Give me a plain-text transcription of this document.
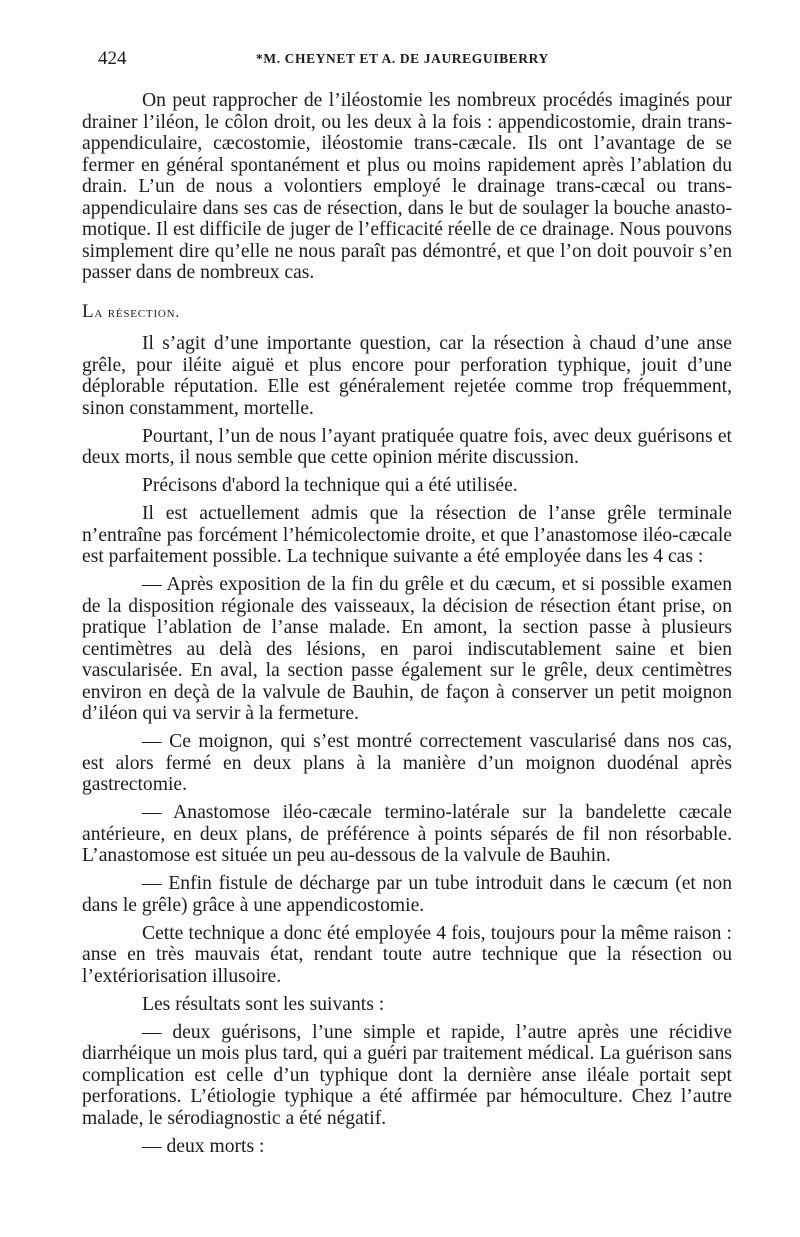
424	*M. CHEYNET ET A. DE JAUREGUIBERRY

On peut rapprocher de l’iléostomie les nombreux procédés imaginés pour drainer l’iléon, le côlon droit, ou les deux à la fois : appendicostomie, drain trans-appendiculaire, cæcostomie, iléostomie trans-cæcale. Ils ont l’avantage de se fermer en général spontanément et plus ou moins rapidement après l’ablation du drain. L’un de nous a volontiers employé le drainage trans-cæcal ou trans-appendiculaire dans ses cas de résection, dans le but de soulager la bouche anastomotique. Il est difficile de juger de l’efficacité réelle de ce drainage. Nous pouvons simplement dire qu’elle ne nous paraît pas démontré, et que l’on doit pouvoir s’en passer dans de nombreux cas.

La résection.

Il s’agit d’une importante question, car la résection à chaud d’une anse grêle, pour iléite aiguë et plus encore pour perforation typhique, jouit d’une déplorable réputation. Elle est généralement rejetée comme trop fréquemment, sinon constamment, mortelle.

Pourtant, l’un de nous l’ayant pratiquée quatre fois, avec deux guérisons et deux morts, il nous semble que cette opinion mérite discussion.

Précisons d'abord la technique qui a été utilisée.

Il est actuellement admis que la résection de l’anse grêle terminale n’entraîne pas forcément l’hémicolectomie droite, et que l’anastomose iléo-cæcale est parfaitement possible. La technique suivante a été employée dans les 4 cas :

— Après exposition de la fin du grêle et du cæcum, et si possible examen de la disposition régionale des vaisseaux, la décision de résection étant prise, on pratique l’ablation de l’anse malade. En amont, la section passe à plusieurs centimètres au delà des lésions, en paroi indiscutablement saine et bien vascularisée. En aval, la section passe également sur le grêle, deux centimètres environ en deçà de la valvule de Bauhin, de façon à conserver un petit moignon d’iléon qui va servir à la fermeture.

— Ce moignon, qui s’est montré correctement vascularisé dans nos cas, est alors fermé en deux plans à la manière d’un moignon duodénal après gastrectomie.

— Anastomose iléo-cæcale termino-latérale sur la bandelette cæcale antérieure, en deux plans, de préférence à points séparés de fil non résorbable. L’anastomose est située un peu au-dessous de la valvule de Bauhin.

— Enfin fistule de décharge par un tube introduit dans le cæcum (et non dans le grêle) grâce à une appendicostomie.

Cette technique a donc été employée 4 fois, toujours pour la même raison : anse en très mauvais état, rendant toute autre technique que la résection ou l’extériorisation illusoire.

Les résultats sont les suivants :

— deux guérisons, l’une simple et rapide, l’autre après une récidive diarrhéique un mois plus tard, qui a guéri par traitement médical. La guérison sans complication est celle d’un typhique dont la dernière anse iléale portait sept perforations. L’étiologie typhique a été affirmée par hémoculture. Chez l’autre malade, le sérodiagnostic a été négatif.

— deux morts :
